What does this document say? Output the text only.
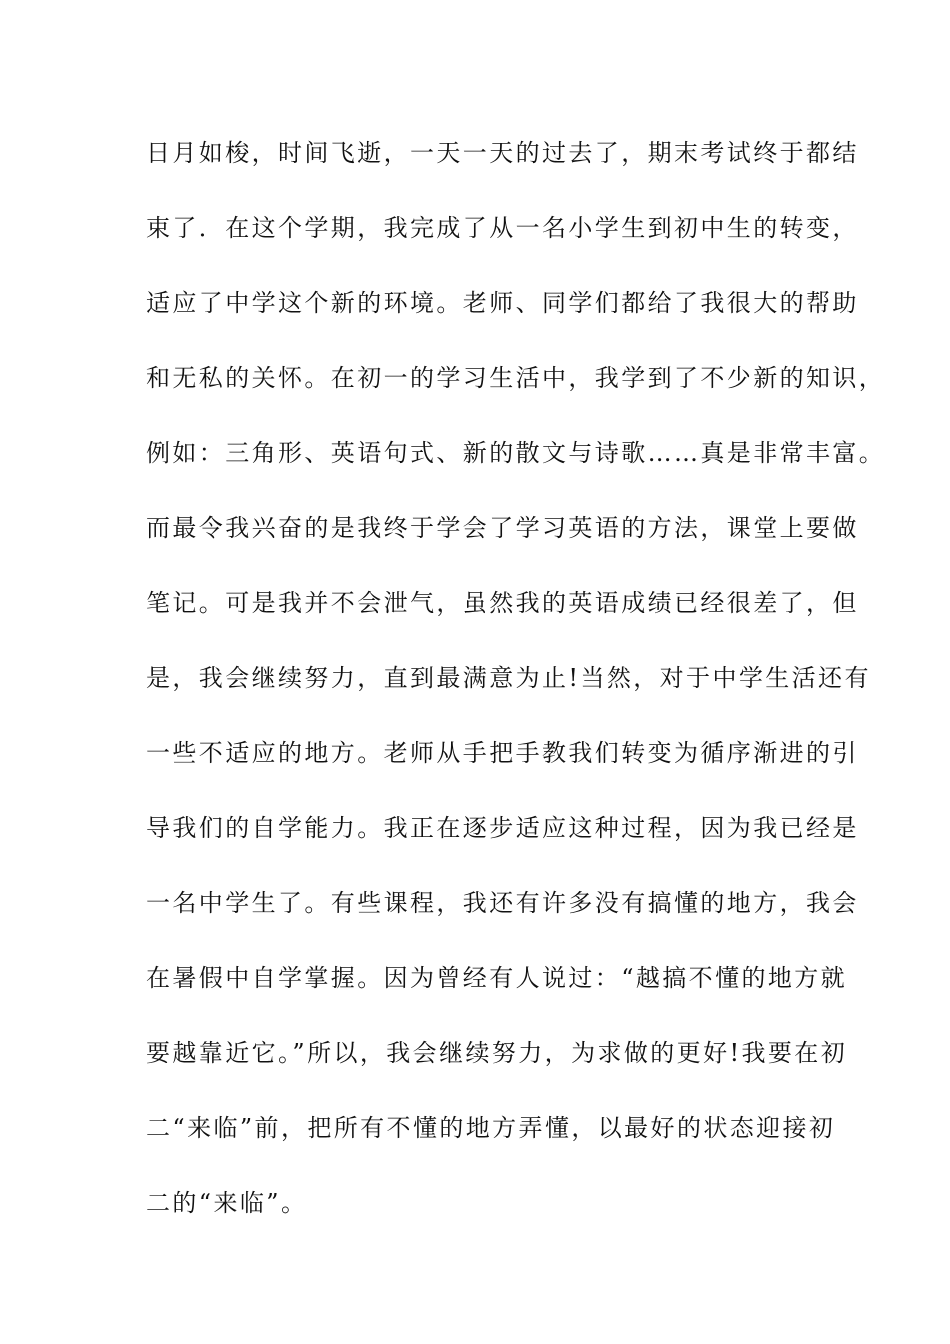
日月如梭，时间飞逝，一天一天的过去了，期末考试终于都结
束了．在这个学期，我完成了从一名小学生到初中生的转变，
适应了中学这个新的环境。老师、同学们都给了我很大的帮助
和无私的关怀。在初一的学习生活中，我学到了不少新的知识，
例如：三角形、英语句式、新的散文与诗歌……真是非常丰富。
而最令我兴奋的是我终于学会了学习英语的方法，课堂上要做
笔记。可是我并不会泄气，虽然我的英语成绩已经很差了，但
是，我会继续努力，直到最满意为止!当然，对于中学生活还有
一些不适应的地方。老师从手把手教我们转变为循序渐进的引
导我们的自学能力。我正在逐步适应这种过程，因为我已经是
一名中学生了。有些课程，我还有许多没有搞懂的地方，我会
在暑假中自学掌握。因为曾经有人说过：“越搞不懂的地方就
要越靠近它。”所以，我会继续努力，为求做的更好!我要在初
二“来临”前，把所有不懂的地方弄懂，以最好的状态迎接初
二的“来临”。
